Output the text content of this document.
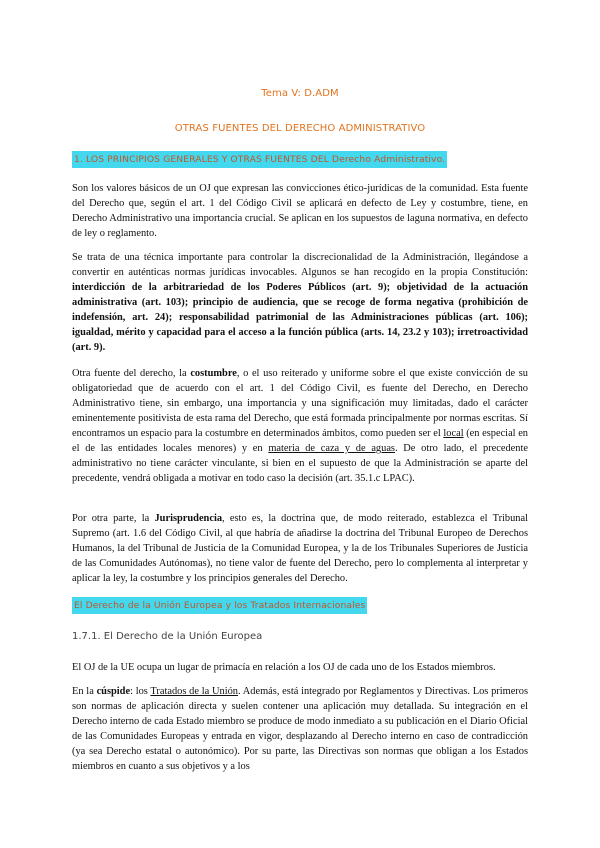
Tema V: D.ADM
OTRAS FUENTES DEL DERECHO ADMINISTRATIVO
1. LOS PRINCIPIOS GENERALES Y OTRAS FUENTES DEL Derecho Administrativo.

Son los valores básicos de un OJ que expresan las convicciones ético-jurídicas de la comunidad. Esta fuente del Derecho que, según el art. 1 del Código Civil se aplicará en defecto de Ley y costumbre, tiene, en Derecho Administrativo una importancia crucial. Se aplican en los supuestos de laguna normativa, en defecto de ley o reglamento.

Se trata de una técnica importante para controlar la discrecionalidad de la Administración, llegándose a convertir en auténticas normas jurídicas invocables. Algunos se han recogido en la propia Constitución: interdicción de la arbitrariedad de los Poderes Públicos (art. 9); objetividad de la actuación administrativa (art. 103); principio de audiencia, que se recoge de forma negativa (prohibición de indefensión, art. 24); responsabilidad patrimonial de las Administraciones públicas (art. 106); igualdad, mérito y capacidad para el acceso a la función pública (arts. 14, 23.2 y 103); irretroactividad (art. 9).

Otra fuente del derecho, la costumbre, o el uso reiterado y uniforme sobre el que existe convicción de su obligatoriedad que de acuerdo con el art. 1 del Código Civil, es fuente del Derecho, en Derecho Administrativo tiene, sin embargo, una importancia y una significación muy limitadas, dado el carácter eminentemente positivista de esta rama del Derecho, que está formada principalmente por normas escritas. Sí encontramos un espacio para la costumbre en determinados ámbitos, como pueden ser el local (en especial en el de las entidades locales menores) y en materia de caza y de aguas. De otro lado, el precedente administrativo no tiene carácter vinculante, si bien en el supuesto de que la Administración se aparte del precedente, vendrá obligada a motivar en todo caso la decisión (art. 35.1.c LPAC).

Por otra parte, la Jurisprudencia, esto es, la doctrina que, de modo reiterado, establezca el Tribunal Supremo (art. 1.6 del Código Civil, al que habría de añadirse la doctrina del Tribunal Europeo de Derechos Humanos, la del Tribunal de Justicia de la Comunidad Europea, y la de los Tribunales Superiores de Justicia de las Comunidades Autónomas), no tiene valor de fuente del Derecho, pero lo complementa al interpretar y aplicar la ley, la costumbre y los principios generales del Derecho.

El Derecho de la Unión Europea y los Tratados Internacionales
1.7.1. El Derecho de la Unión Europea

El OJ de la UE ocupa un lugar de primacía en relación a los OJ de cada uno de los Estados miembros.

En la cúspide: los Tratados de la Unión. Además, está integrado por Reglamentos y Directivas. Los primeros son normas de aplicación directa y suelen contener una aplicación muy detallada. Su integración en el Derecho interno de cada Estado miembro se produce de modo inmediato a su publicación en el Diario Oficial de las Comunidades Europeas y entrada en vigor, desplazando al Derecho interno en caso de contradicción (ya sea Derecho estatal o autonómico). Por su parte, las Directivas son normas que obligan a los Estados miembros en cuanto a sus objetivos y a los
